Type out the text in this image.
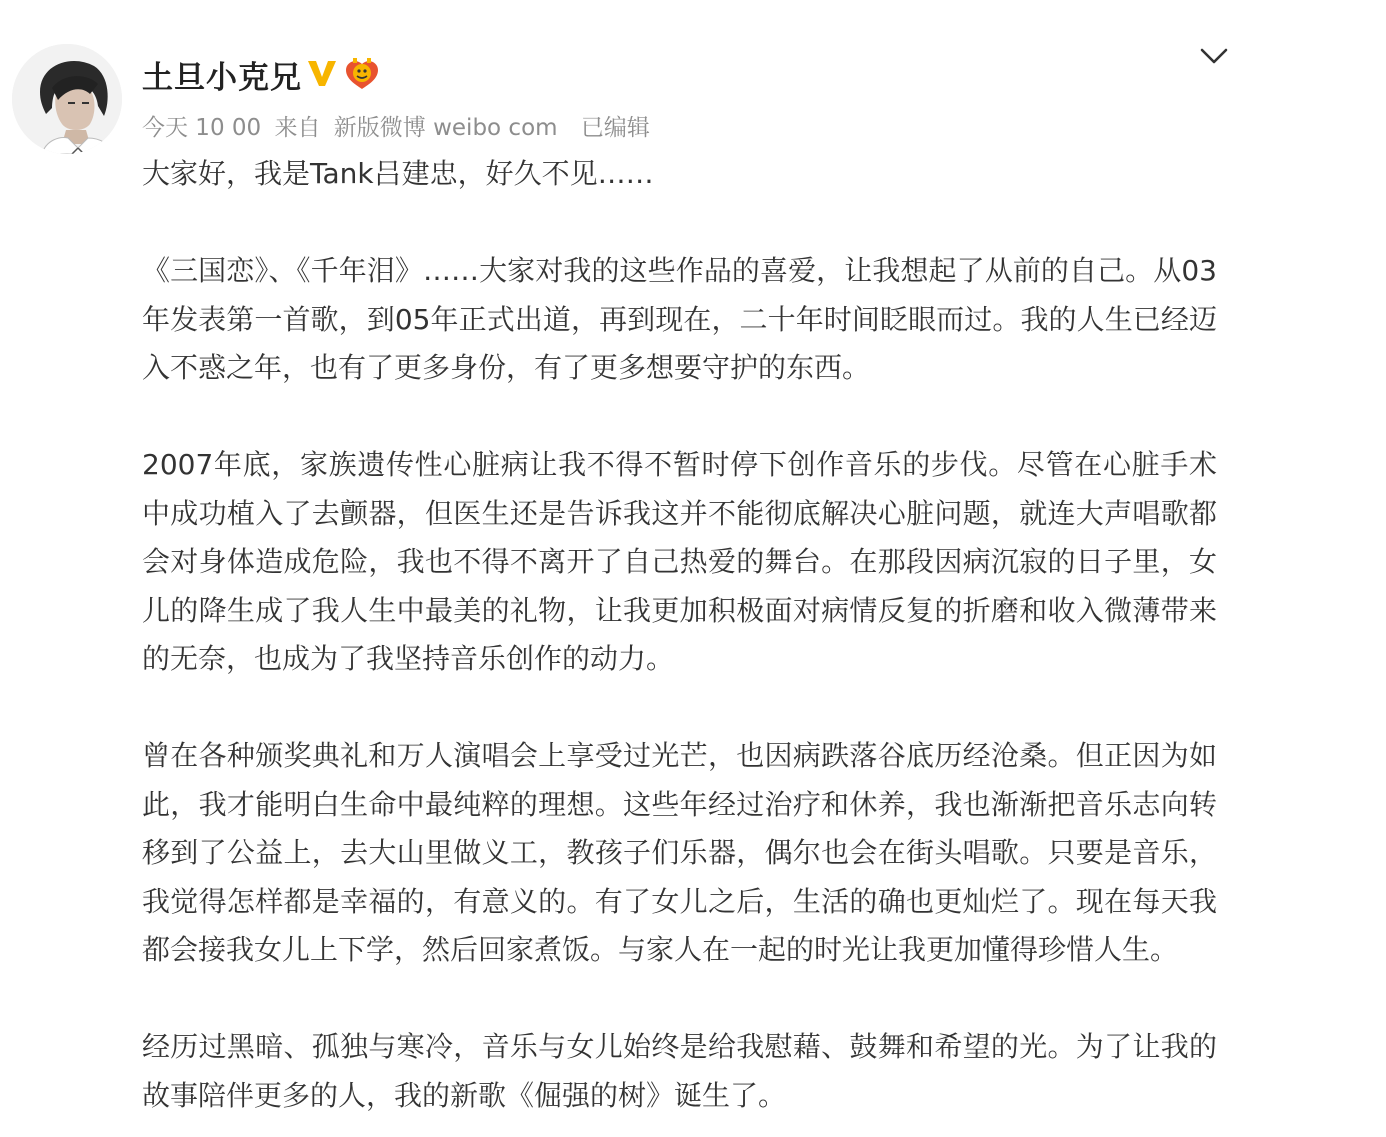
土旦小克兄
今天 10 00 来自 新版微博 weibo com 已编辑

大家好，我是Tank吕建忠，好久不见……

《三国恋》、《千年泪》……大家对我的这些作品的喜爱，让我想起了从前的自己。从03年发表第一首歌，到05年正式出道，再到现在，二十年时间眨眼而过。我的人生已经迈入不惑之年，也有了更多身份，有了更多想要守护的东西。

2007年底，家族遗传性心脏病让我不得不暂时停下创作音乐的步伐。尽管在心脏手术中成功植入了去颤器，但医生还是告诉我这并不能彻底解决心脏问题，就连大声唱歌都会对身体造成危险，我也不得不离开了自己热爱的舞台。在那段因病沉寂的日子里，女儿的降生成了我人生中最美的礼物，让我更加积极面对病情反复的折磨和收入微薄带来的无奈，也成为了我坚持音乐创作的动力。

曾在各种颁奖典礼和万人演唱会上享受过光芒，也因病跌落谷底历经沧桑。但正因为如此，我才能明白生命中最纯粹的理想。这些年经过治疗和休养，我也渐渐把音乐志向转移到了公益上，去大山里做义工，教孩子们乐器，偶尔也会在街头唱歌。只要是音乐，我觉得怎样都是幸福的，有意义的。有了女儿之后，生活的确也更灿烂了。现在每天我都会接我女儿上下学，然后回家煮饭。与家人在一起的时光让我更加懂得珍惜人生。

经历过黑暗、孤独与寒冷，音乐与女儿始终是给我慰藉、鼓舞和希望的光。为了让我的故事陪伴更多的人，我的新歌《倔强的树》诞生了。
